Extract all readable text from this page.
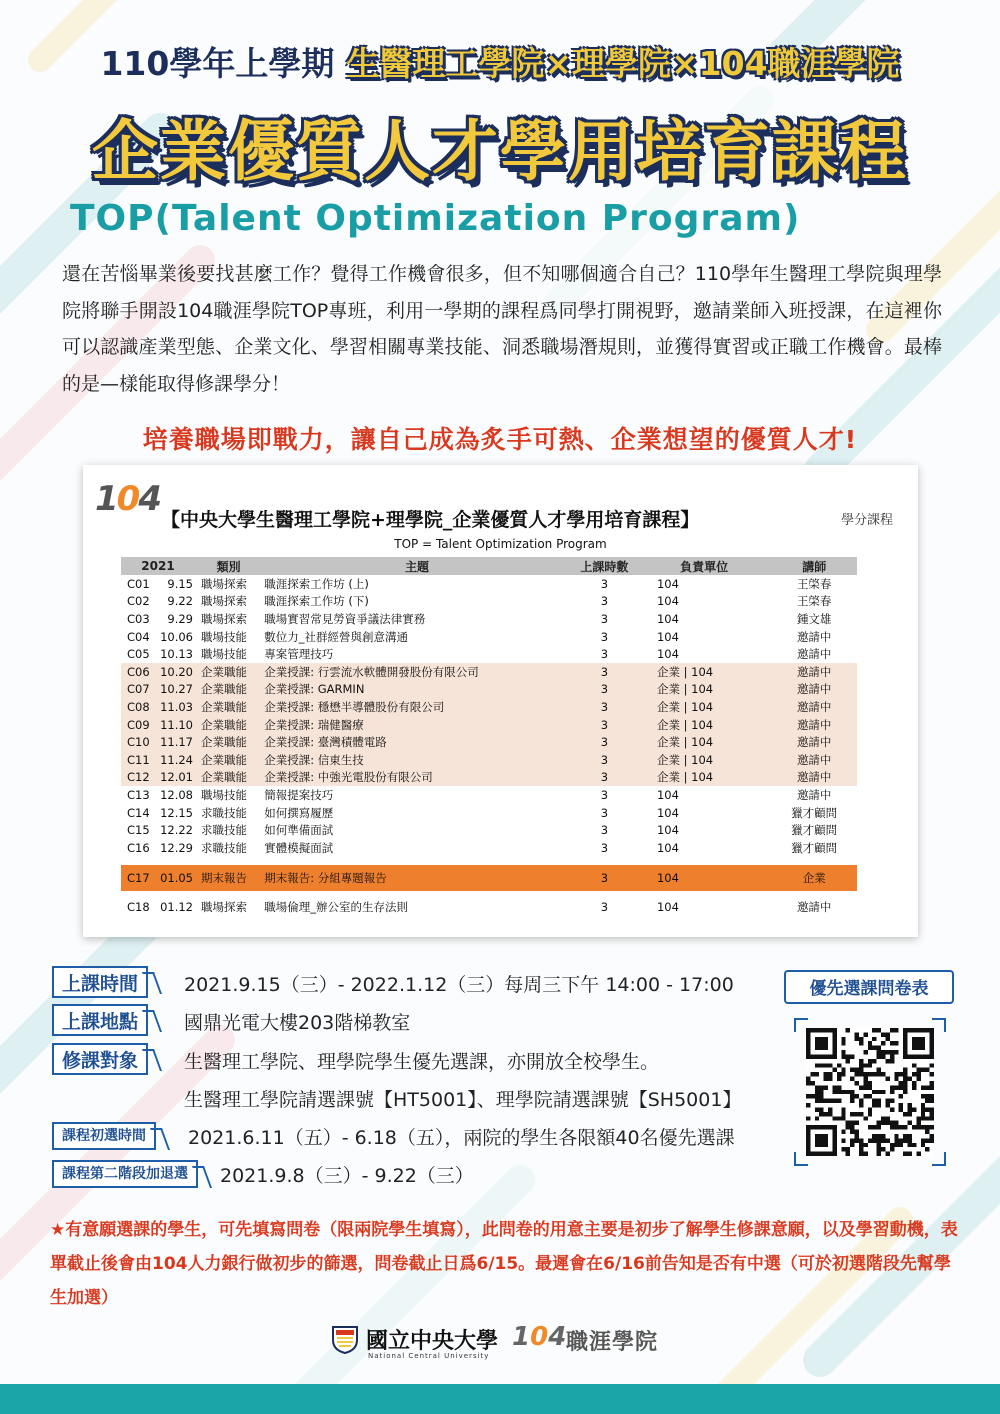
110學年上學期 生醫理工學院×理學院×104職涯學院
企業優質人才學用培育課程
TOP(Talent Optimization Program)
還在苦惱畢業後要找甚麼工作？覺得工作機會很多，但不知哪個適合自己？110學年生醫理工學院與理學院將聯手開設104職涯學院TOP專班，利用一學期的課程爲同學打開視野，邀請業師入班授課，在這裡你可以認識產業型態、企業文化、學習相關專業技能、洞悉職場潛規則，並獲得實習或正職工作機會。最棒的是—樣能取得修課學分！
培養職場即戰力，讓自己成為炙手可熱、企業想望的優質人才!
104
【中央大學生醫理工學院+理學院_企業優質人才學用培育課程】	學分課程
TOP = Talent Optimization Program
2021		類別	主題	上課時數	負責單位	講師
C01	9.15	職場探索	職涯探索工作坊 (上)	3	104	王棨春
C02	9.22	職場探索	職涯探索工作坊 (下)	3	104	王棨春
C03	9.29	職場探索	職場實習常見勞資爭議法律實務	3	104	鍾文雄
C04	10.06	職場技能	數位力_社群經營與創意溝通	3	104	邀請中
C05	10.13	職場技能	專案管理技巧	3	104	邀請中
C06	10.20	企業職能	企業授課: 行雲流水軟體開發股份有限公司	3	企業 | 104	邀請中
C07	10.27	企業職能	企業授課: GARMIN	3	企業 | 104	邀請中
C08	11.03	企業職能	企業授課: 穩懋半導體股份有限公司	3	企業 | 104	邀請中
C09	11.10	企業職能	企業授課: 瑞健醫療	3	企業 | 104	邀請中
C10	11.17	企業職能	企業授課: 臺灣積體電路	3	企業 | 104	邀請中
C11	11.24	企業職能	企業授課: 信東生技	3	企業 | 104	邀請中
C12	12.01	企業職能	企業授課: 中強光電股份有限公司	3	企業 | 104	邀請中
C13	12.08	職場技能	簡報提案技巧	3	104	邀請中
C14	12.15	求職技能	如何撰寫履歷	3	104	獵才顧問
C15	12.22	求職技能	如何準備面試	3	104	獵才顧問
C16	12.29	求職技能	實體模擬面試	3	104	獵才顧問

C17	01.05	期末報告	期末報告: 分組專題報告	3	104	企業

C18	01.12	職場探索	職場倫理_辦公室的生存法則	3	104	邀請中
上課時間	2021.9.15（三）- 2022.1.12（三）每周三下午 14:00 - 17:00
上課地點	國鼎光電大樓203階梯教室
修課對象	生醫理工學院、理學院學生優先選課，亦開放全校學生。
生醫理工學院請選課號【HT5001】、理學院請選課號【SH5001】
課程初選時間	2021.6.11（五）- 6.18（五），兩院的學生各限額40名優先選課
課程第二階段加退選	2021.9.8（三）- 9.22（三）
優先選課問卷表
★有意願選課的學生，可先填寫問卷（限兩院學生填寫），此問卷的用意主要是初步了解學生修課意願，以及學習動機，表單截止後會由104人力銀行做初步的篩選，問卷截止日爲6/15。最遲會在6/16前告知是否有中選（可於初選階段先幫學生加選）
國立中央大學
National Central University
104 職涯學院
